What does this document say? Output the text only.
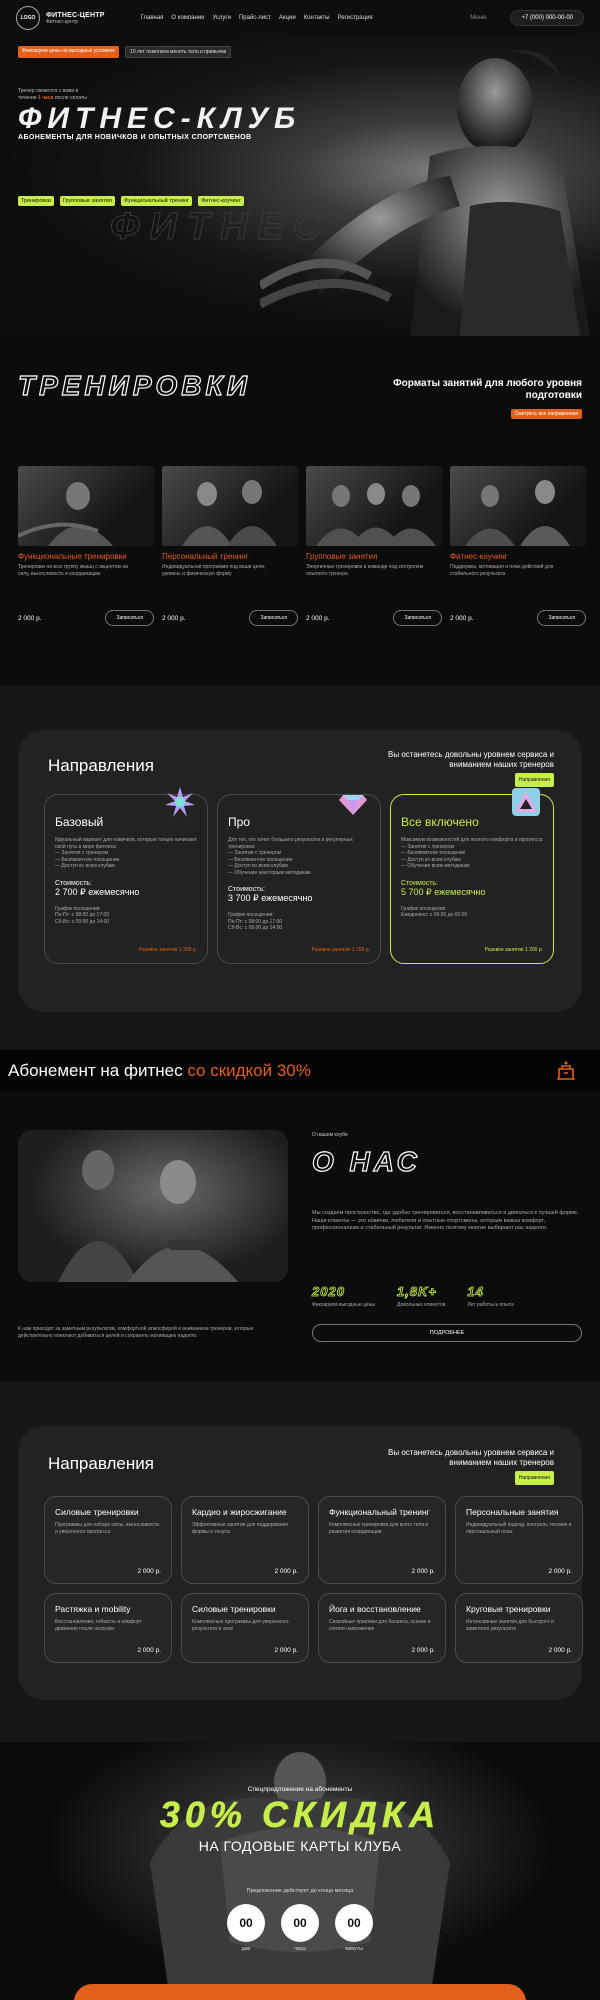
LOGO ФИТНЕС-ЦЕНТР
Фитнес-центр
Главная О компании Услуги Прайс-лист Акции Контакты Регистрация	Меню	+7 (000) 000-00-00
Фиксируем цены на выходных условиях	10 лет помогаем менять тело и привычки
Тренер свяжется с вами в течение 1 часа после оплаты
ФИТНЕС-КЛУБ
АБОНЕМЕНТЫ ДЛЯ НОВИЧКОВ И ОПЫТНЫХ СПОРТСМЕНОВ
ФИТНЕС
Тренировки	Групповые занятия	Функциональный тренинг	Фитнес-коучинг
ТРЕНИРОВКИ	Форматы занятий для любого уровня подготовки
Смотреть все направления
Функциональные тренировки
Тренировки на всю группу мышц с акцентом на силу, выносливость и координацию
2 000 р.	Записаться
Персональный тренинг
Индивидуальная программа под ваши цели, уровень и физическую форму
2 000 р.	Записаться
Групповые занятия
Энергичные тренировки в команде под контролем опытного тренера
2 000 р.	Записаться
Фитнес-коучинг
Поддержка, мотивация и план действий для стабильного результата
2 000 р.	Записаться
Направления
Вы останетесь довольны уровнем сервиса и вниманием наших тренеров
Направления
Базовый
Идеальный вариант для новичков, которые только начинают свой путь в мире фитнеса
— Занятия с тренером
— Безлимитное посещение
— Доступ ко всем клубам
Стоимость:
2 700 ₽ ежемесячно
График посещения:
Пн-Пт: с 08:00 до 17:00
Сб-Вс: с 09:00 до 14:00
Разовое занятие 1 200 р.
Про
Для тех, кто хочет большего результата и регулярных тренировок
— Занятия с тренером
— Безлимитное посещение
— Доступ ко всем клубам
— Обучение некоторым методикам
Стоимость:
3 700 ₽ ежемесячно
График посещения:
Пн-Пт: с 08:00 до 17:00
Сб-Вс: с 09:00 до 14:00
Разовое занятие 1 200 р.
Все включено
Максимум возможностей для полного комфорта и прогресса
— Занятия с тренером
— Безлимитное посещение
— Доступ ко всем клубам
— Обучение всем методикам
Стоимость:
5 700 ₽ ежемесячно
График посещения:
Ежедневно: с 06:00 до 00:00
Разовое занятие 1 200 р.
Абонемент на фитнес со скидкой 30%
К нам приходят за заметным результатом, комфортной атмосферой и вниманием тренеров, которые действительно помогают добиваться целей и сохранять мотивацию надолго.
О нашем клубе
О НАС
Мы создаём пространство, где удобно тренироваться, восстанавливаться и двигаться к лучшей форме. Наши клиенты — это новички, любители и опытные спортсмены, которым важны комфорт, профессионализм и стабильный результат. Именно поэтому многие выбирают нас надолго.
2020
Фиксируем выгодные цены
1,8K+
Довольных клиентов
14
Лет работы и опыта
ПОДРОБНЕЕ
Направления
Вы останетесь довольны уровнем сервиса и вниманием наших тренеров
Направления
Силовые тренировки
Программы для набора силы, выносливости и уверенного прогресса
2 000 р.
Кардио и жиросжигание
Эффективные занятия для поддержания формы и тонуса
2 000 р.
Функциональный тренинг
Комплексные тренировки для всего тела и развития координации
2 000 р.
Персональные занятия
Индивидуальный подход, контроль техники и персональный план
2 000 р.
Растяжка и mobility
Восстановление, гибкость и комфорт движения после нагрузки
2 000 р.
Силовые тренировки
Комплексные программы для уверенного результата в зале
2 000 р.
Йога и восстановление
Спокойные практики для баланса, осанки и снятия напряжения
2 000 р.
Круговые тренировки
Интенсивные занятия для быстрого и заметного результата
2 000 р.
Спецпредложение на абонементы
30% СКИДКА
НА ГОДОВЫЕ КАРТЫ КЛУБА
Предложение действует до конца месяца
00
дни
00
часы
00
минуты
